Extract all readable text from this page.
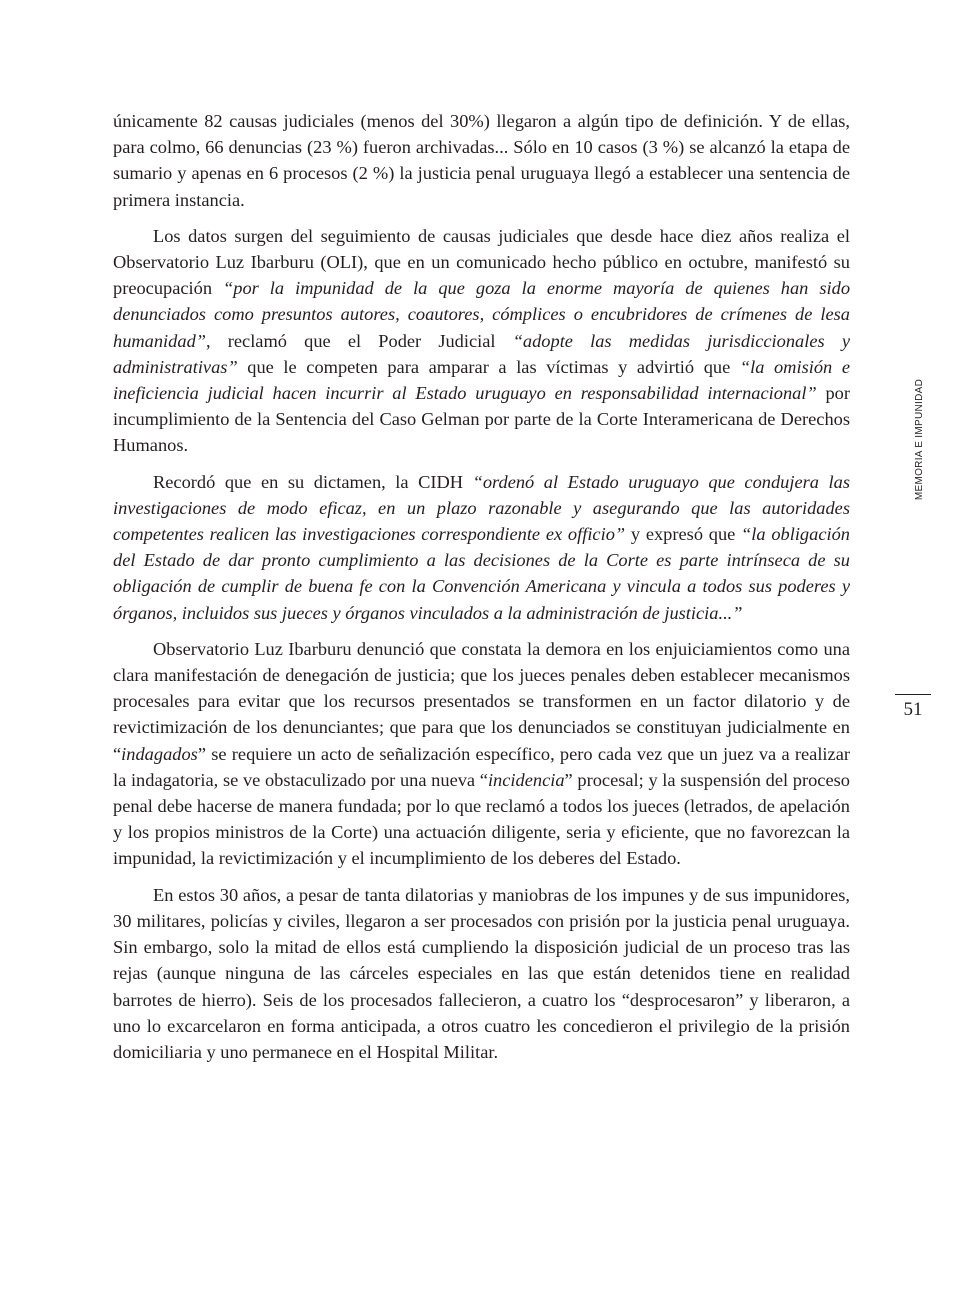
únicamente 82 causas judiciales (menos del 30%) llegaron a algún tipo de definición. Y de ellas, para colmo, 66 denuncias (23 %) fueron archivadas... Sólo en 10 casos (3 %) se alcanzó la etapa de sumario y apenas en 6 procesos (2 %) la justicia penal uruguaya llegó a establecer una sentencia de primera instancia.

Los datos surgen del seguimiento de causas judiciales que desde hace diez años realiza el Observatorio Luz Ibarburu (OLI), que en un comunicado hecho público en octubre, manifestó su preocupación “por la impunidad de la que goza la enorme mayoría de quienes han sido denunciados como presuntos autores, coautores, cómplices o encubridores de crímenes de lesa humanidad”, reclamó que el Poder Judicial “adopte las medidas jurisdiccionales y administrativas” que le competen para amparar a las víctimas y advirtió que “la omisión e ineficiencia judicial hacen incurrir al Estado uruguayo en responsabilidad internacional” por incumplimiento de la Sentencia del Caso Gelman por parte de la Corte Interamericana de Derechos Humanos.

Recordó que en su dictamen, la CIDH “ordenó al Estado uruguayo que condujera las investigaciones de modo eficaz, en un plazo razonable y asegurando que las autoridades competentes realicen las investigaciones correspondiente ex officio” y expresó que “la obligación del Estado de dar pronto cumplimiento a las decisiones de la Corte es parte intrínseca de su obligación de cumplir de buena fe con la Convención Americana y vincula a todos sus poderes y órganos, incluidos sus jueces y órganos vinculados a la administración de justicia...”

Observatorio Luz Ibarburu denunció que constata la demora en los enjuiciamientos como una clara manifestación de denegación de justicia; que los jueces penales deben establecer mecanismos procesales para evitar que los recursos presentados se transformen en un factor dilatorio y de revictimización de los denunciantes; que para que los denunciados se constituyan judicialmente en “indagados” se requiere un acto de señalización específico, pero cada vez que un juez va a realizar la indagatoria, se ve obstaculizado por una nueva “incidencia” procesal; y la suspensión del proceso penal debe hacerse de manera fundada; por lo que reclamó a todos los jueces (letrados, de apelación y los propios ministros de la Corte) una actuación diligente, seria y eficiente, que no favorezcan la impunidad, la revictimización y el incumplimiento de los deberes del Estado.

En estos 30 años, a pesar de tanta dilatorias y maniobras de los impunes y de sus impunidores, 30 militares, policías y civiles, llegaron a ser procesados con prisión por la justicia penal uruguaya. Sin embargo, solo la mitad de ellos está cumpliendo la disposición judicial de un proceso tras las rejas (aunque ninguna de las cárceles especiales en las que están detenidos tiene en realidad barrotes de hierro). Seis de los procesados fallecieron, a cuatro los “desprocesaron” y liberaron, a uno lo excarcelaron en forma anticipada, a otros cuatro les concedieron el privilegio de la prisión domiciliaria y uno permanece en el Hospital Militar.

MEMORIA E IMPUNIDAD
51
